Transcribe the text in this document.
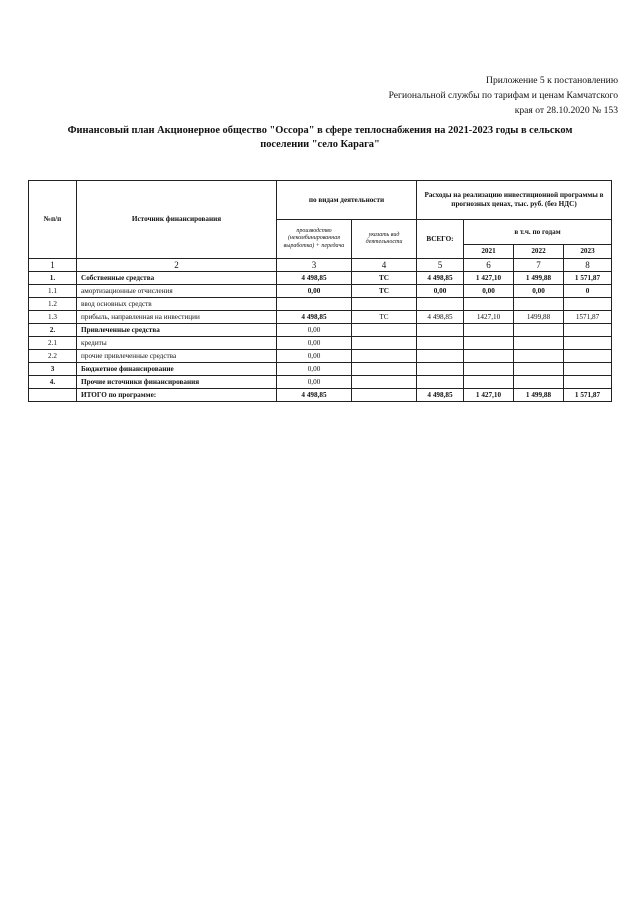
Приложение 5 к постановлению
Региональной службы по тарифам и ценам Камчатского
края от 28.10.2020 № 153
Финансовый план Акционерное общество "Оссора" в сфере теплоснабжения на 2021-2023 годы в сельском
поселении "село Карага"
№п/п	Источник финансирования	по видам деятельности		Расходы на реализацию инвестиционной программы в прогнозных ценах, тыс. руб. (без НДС)			
		производство (некомбинированная выработка) + передача	указать вид деятельности	ВСЕГО:	в т.ч. по годам		
					2021	2022	2023
1	2	3	4	5	6	7	8
1.	Собственные средства	4 498,85	ТС	4 498,85	1 427,10	1 499,88	1 571,87
1.1	амортизационные отчисления	0,00	ТС	0,00	0,00	0,00	0
1.2	ввод основных средств						
1.3	прибыль, направленная на инвестиции	4 498,85	ТС	4 498,85	1427,10	1499,88	1571,87
2.	Привлеченные средства	0,00					
2.1	кредиты	0,00					
2.2	прочие привлеченные средства	0,00					
3	Бюджетное финансирование	0,00					
4.	Прочие источники финансирования	0,00					
	ИТОГО по программе:	4 498,85		4 498,85	1 427,10	1 499,88	1 571,87
